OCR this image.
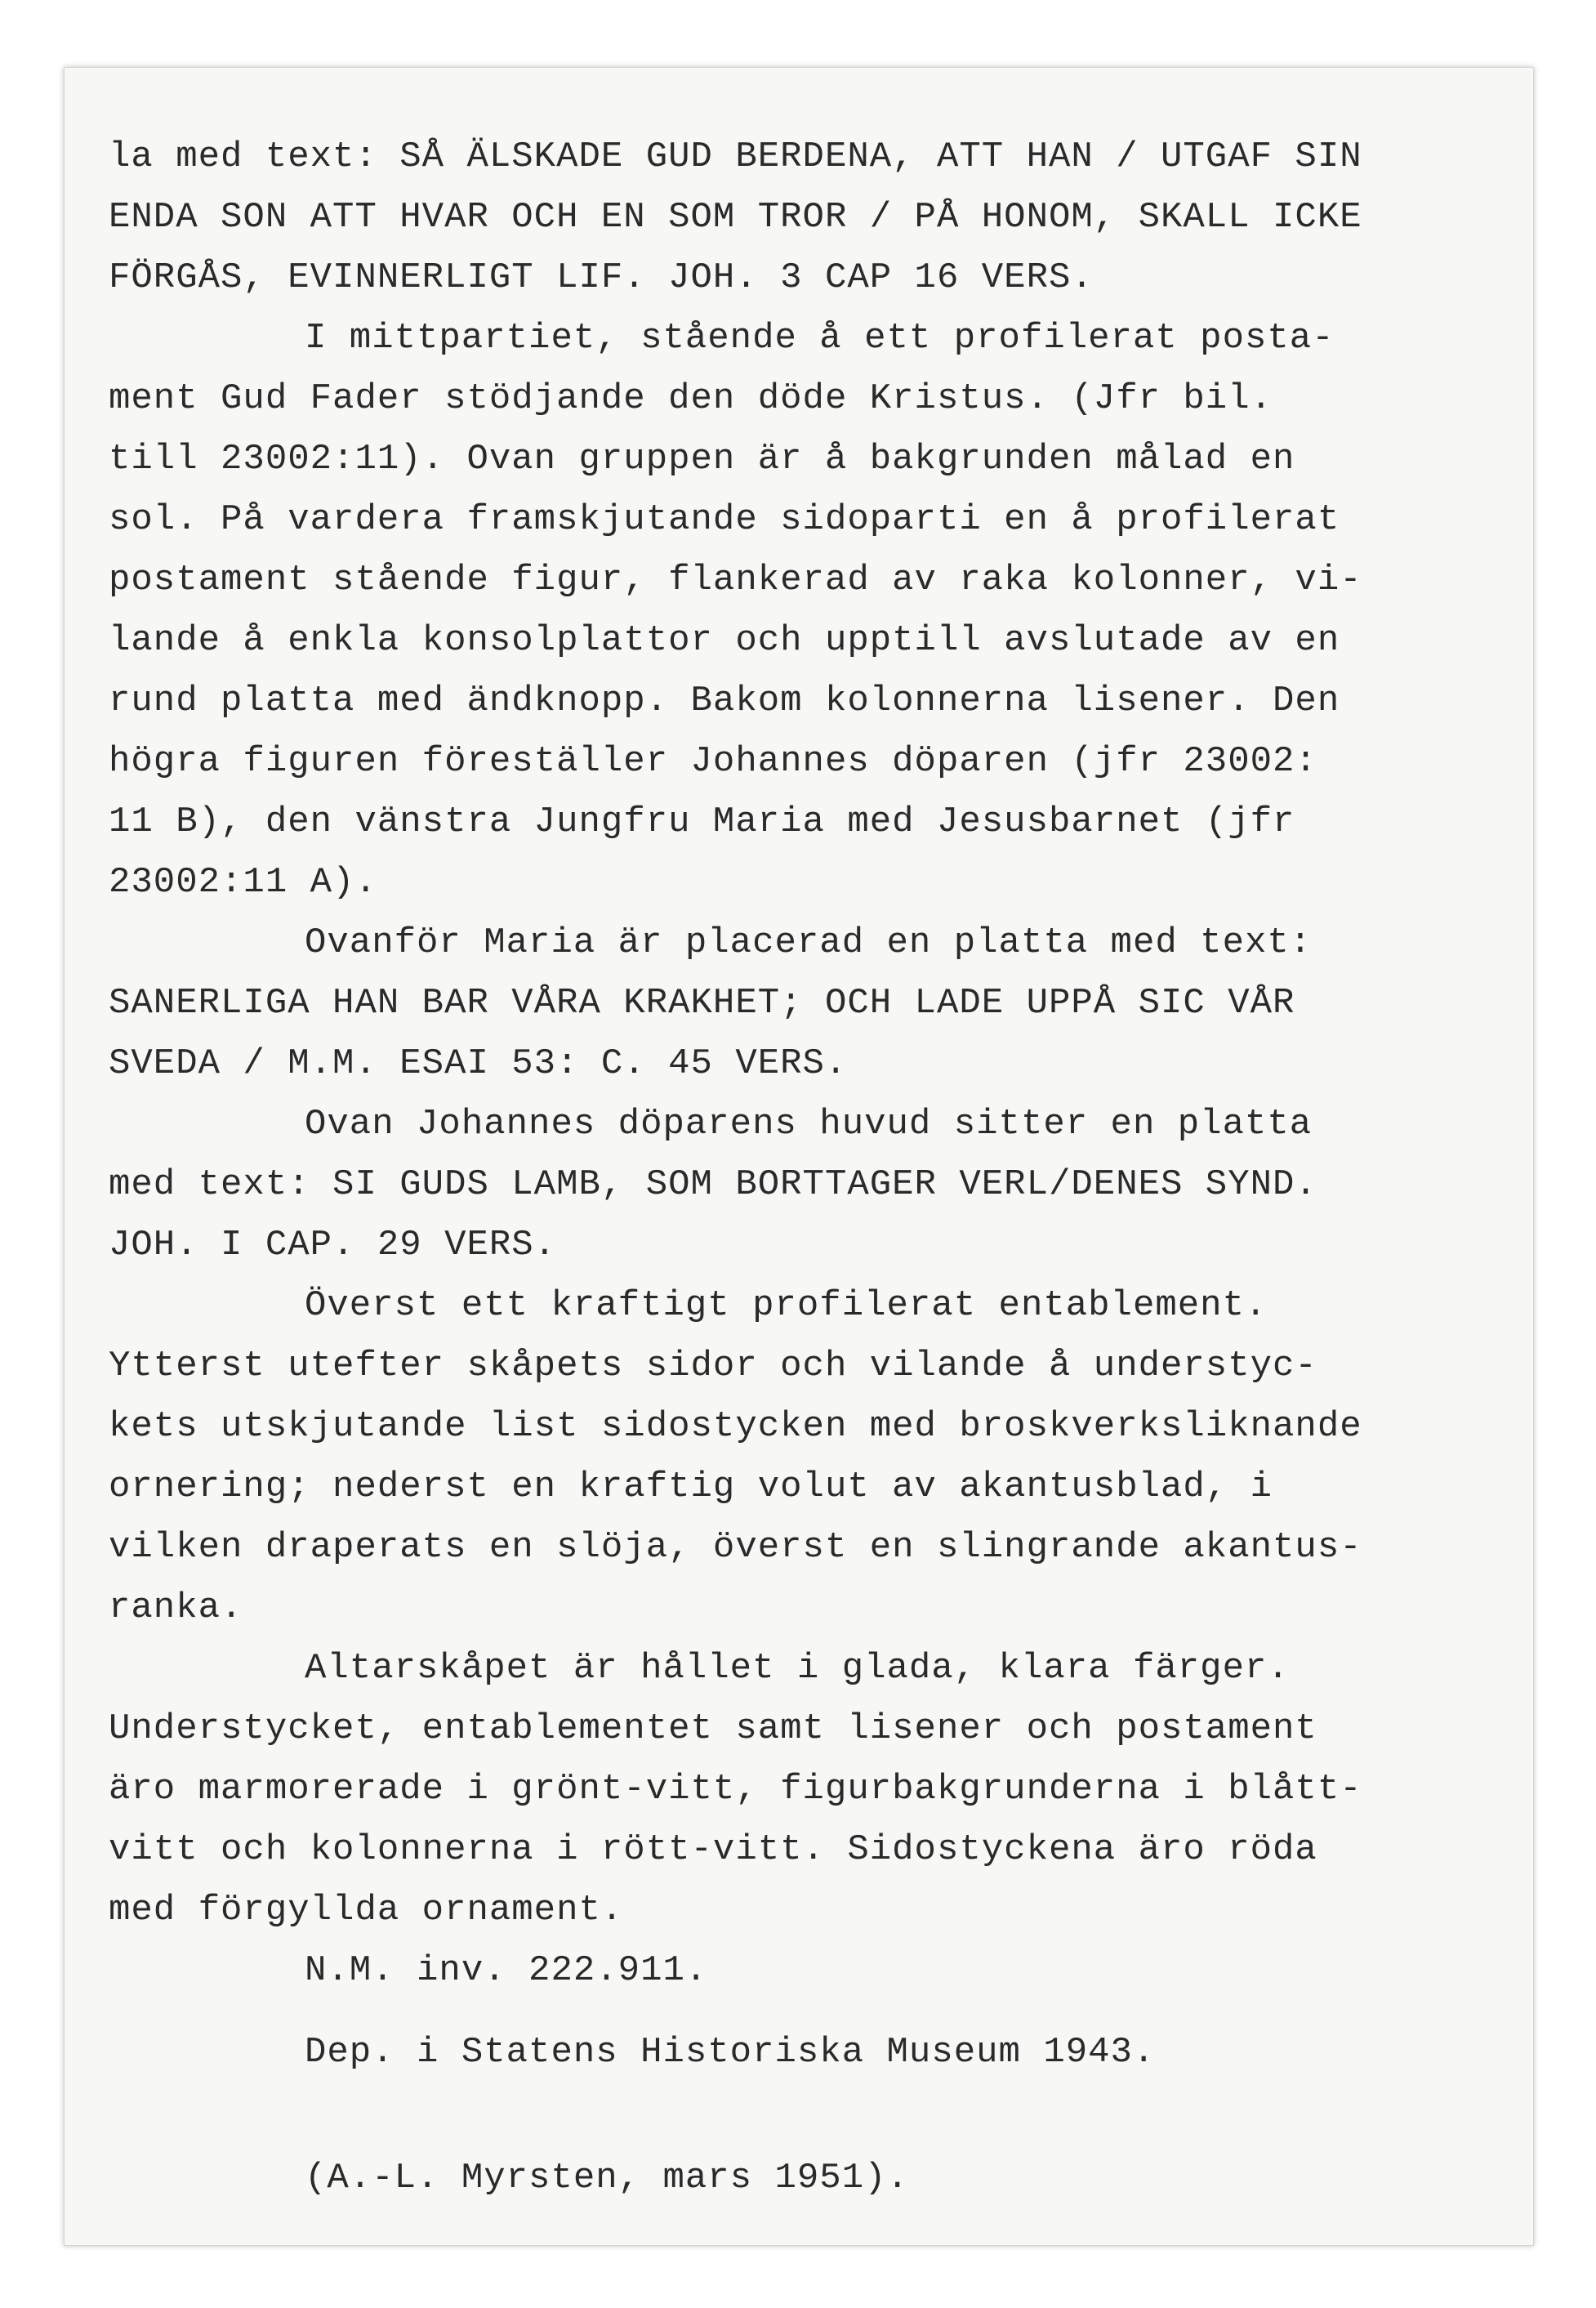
la med text: SÅ ÄLSKADE GUD BERDENA, ATT HAN / UTGAF SIN
ENDA SON ATT HVAR OCH EN SOM TROR / PÅ HONOM, SKALL ICKE
FÖRGÅS, EVINNERLIGT LIF. JOH. 3 CAP 16 VERS.
I mittpartiet, stående å ett profilerat posta-
ment Gud Fader stödjande den döde Kristus. (Jfr bil.
till 23002:11). Ovan gruppen är å bakgrunden målad en
sol. På vardera framskjutande sidoparti en å profilerat
postament stående figur, flankerad av raka kolonner, vi-
lande å enkla konsolplattor och upptill avslutade av en
rund platta med ändknopp. Bakom kolonnerna lisener. Den
högra figuren föreställer Johannes döparen (jfr 23002:
11 B), den vänstra Jungfru Maria med Jesusbarnet (jfr
23002:11 A).
Ovanför Maria är placerad en platta med text:
SANERLIGA HAN BAR VÅRA KRAKHET; OCH LADE UPPÅ SIC VÅR
SVEDA / M.M. ESAI 53: C. 45 VERS.
Ovan Johannes döparens huvud sitter en platta
med text: SI GUDS LAMB, SOM BORTTAGER VERL/DENES SYND.
JOH. I CAP. 29 VERS.
Överst ett kraftigt profilerat entablement.
Ytterst utefter skåpets sidor och vilande å understyc-
kets utskjutande list sidostycken med broskverksliknande
ornering; nederst en kraftig volut av akantusblad, i
vilken draperats en slöja, överst en slingrande akantus-
ranka.
Altarskåpet är hållet i glada, klara färger.
Understycket, entablementet samt lisener och postament
äro marmorerade i grönt-vitt, figurbakgrunderna i blått-
vitt och kolonnerna i rött-vitt. Sidostyckena äro röda
med förgyllda ornament.
N.M. inv. 222.911.
Dep. i Statens Historiska Museum 1943.
(A.-L. Myrsten, mars 1951).
